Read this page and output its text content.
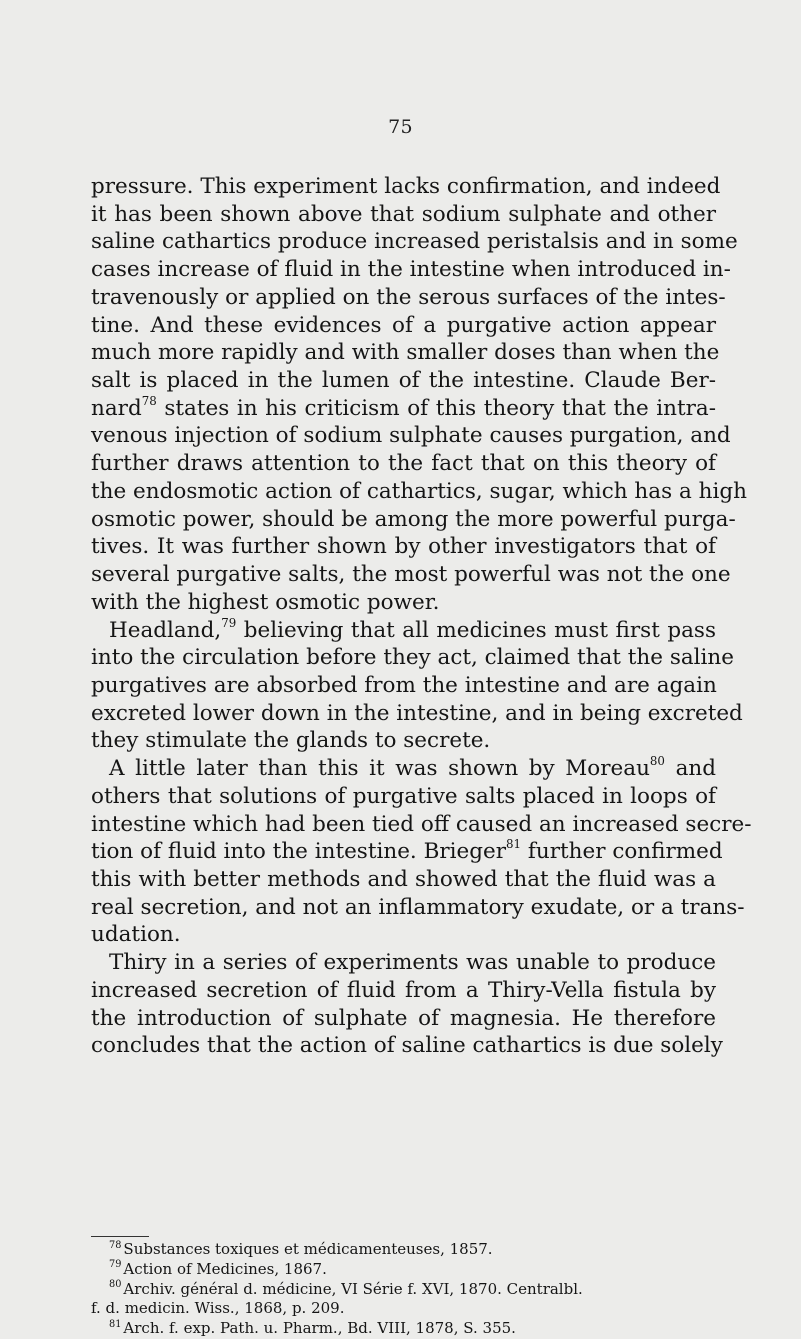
75
pressure. This experiment lacks confirmation, and indeed
it has been shown above that sodium sulphate and other
saline cathartics produce increased peristalsis and in some
cases increase of fluid in the intestine when introduced in-
travenously or applied on the serous surfaces of the intes-
tine. And these evidences of a purgative action appear
much more rapidly and with smaller doses than when the
salt is placed in the lumen of the intestine. Claude Ber-
nard$^{78}$ states in his criticism of this theory that the intra-
venous injection of sodium sulphate causes purgation, and
further draws attention to the fact that on this theory of
the endosmotic action of cathartics, sugar, which has a high
osmotic power, should be among the more powerful purga-
tives. It was further shown by other investigators that of
several purgative salts, the most powerful was not the one
with the highest osmotic power.
Headland,$^{79}$ believing that all medicines must first pass
into the circulation before they act, claimed that the saline
purgatives are absorbed from the intestine and are again
excreted lower down in the intestine, and in being excreted
they stimulate the glands to secrete.
A little later than this it was shown by Moreau$^{80}$ and
others that solutions of purgative salts placed in loops of
intestine which had been tied off caused an increased secre-
tion of fluid into the intestine. Brieger$^{81}$ further confirmed
this with better methods and showed that the fluid was a
real secretion, and not an inflammatory exudate, or a trans-
udation.
Thiry in a series of experiments was unable to produce
increased secretion of fluid from a Thiry-Vella fistula by
the introduction of sulphate of magnesia. He therefore
concludes that the action of saline cathartics is due solely
$^{78}$ Substances toxiques et médicamenteuses, 1857.
$^{79}$ Action of Medicines, 1867.
$^{80}$ Archiv. général d. médicine, VI Série f. XVI, 1870. Centralbl.
f. d. medicin. Wiss., 1868, p. 209.
$^{81}$ Arch. f. exp. Path. u. Pharm., Bd. VIII, 1878, S. 355.
